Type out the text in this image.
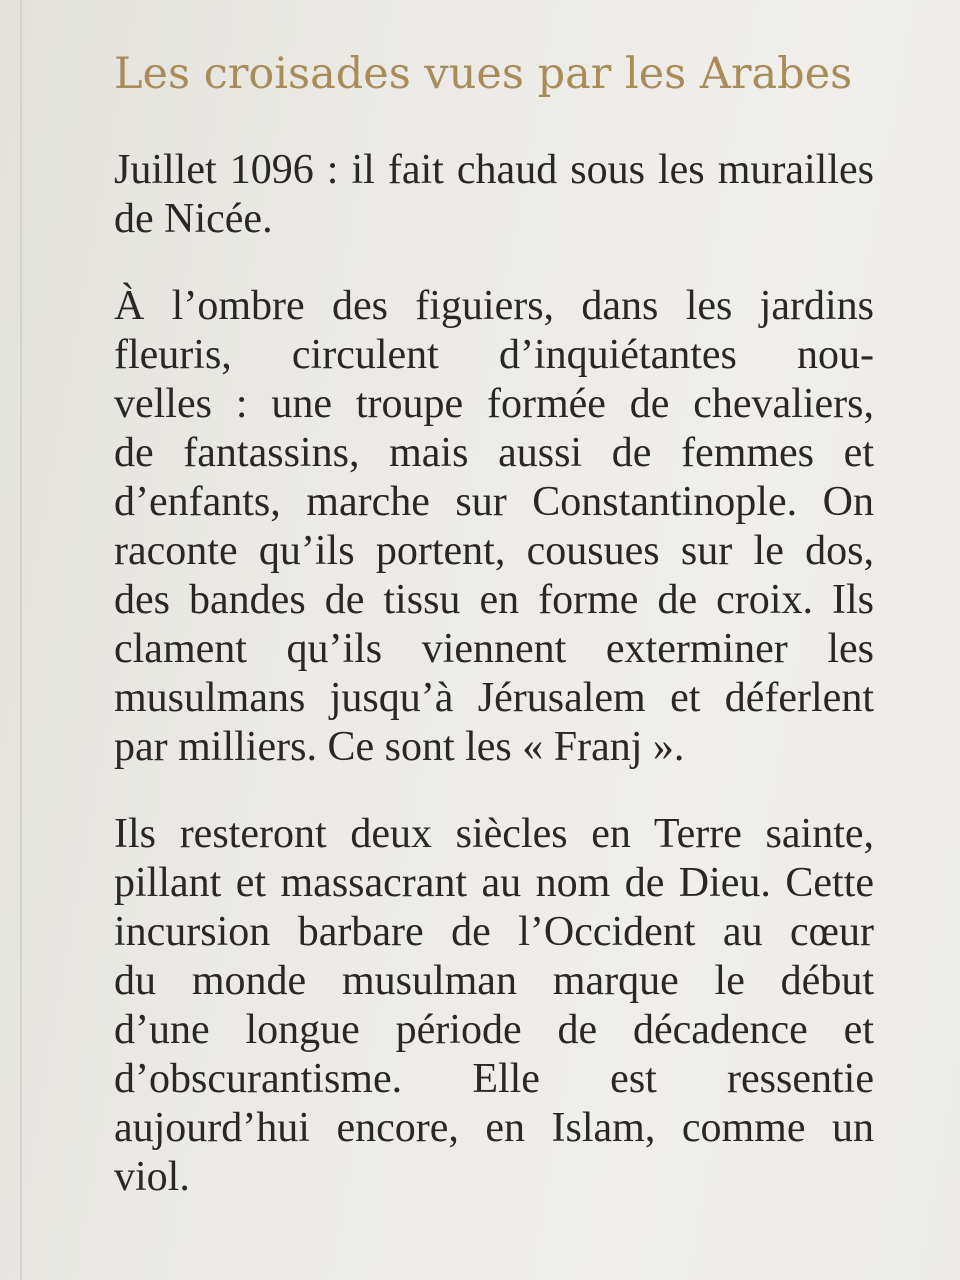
Les croisades vues par les Arabes

Juillet 1096 : il fait chaud sous les murailles
de Nicée.

À l’ombre des figuiers, dans les jardins
fleuris, circulent d’inquiétantes nou-
velles : une troupe formée de chevaliers,
de fantassins, mais aussi de femmes et
d’enfants, marche sur Constantinople. On
raconte qu’ils portent, cousues sur le dos,
des bandes de tissu en forme de croix. Ils
clament qu’ils viennent exterminer les
musulmans jusqu’à Jérusalem et déferlent
par milliers. Ce sont les « Franj ».

Ils resteront deux siècles en Terre sainte,
pillant et massacrant au nom de Dieu. Cette
incursion barbare de l’Occident au cœur
du monde musulman marque le début
d’une longue période de décadence et
d’obscurantisme. Elle est ressentie
aujourd’hui encore, en Islam, comme un
viol.
